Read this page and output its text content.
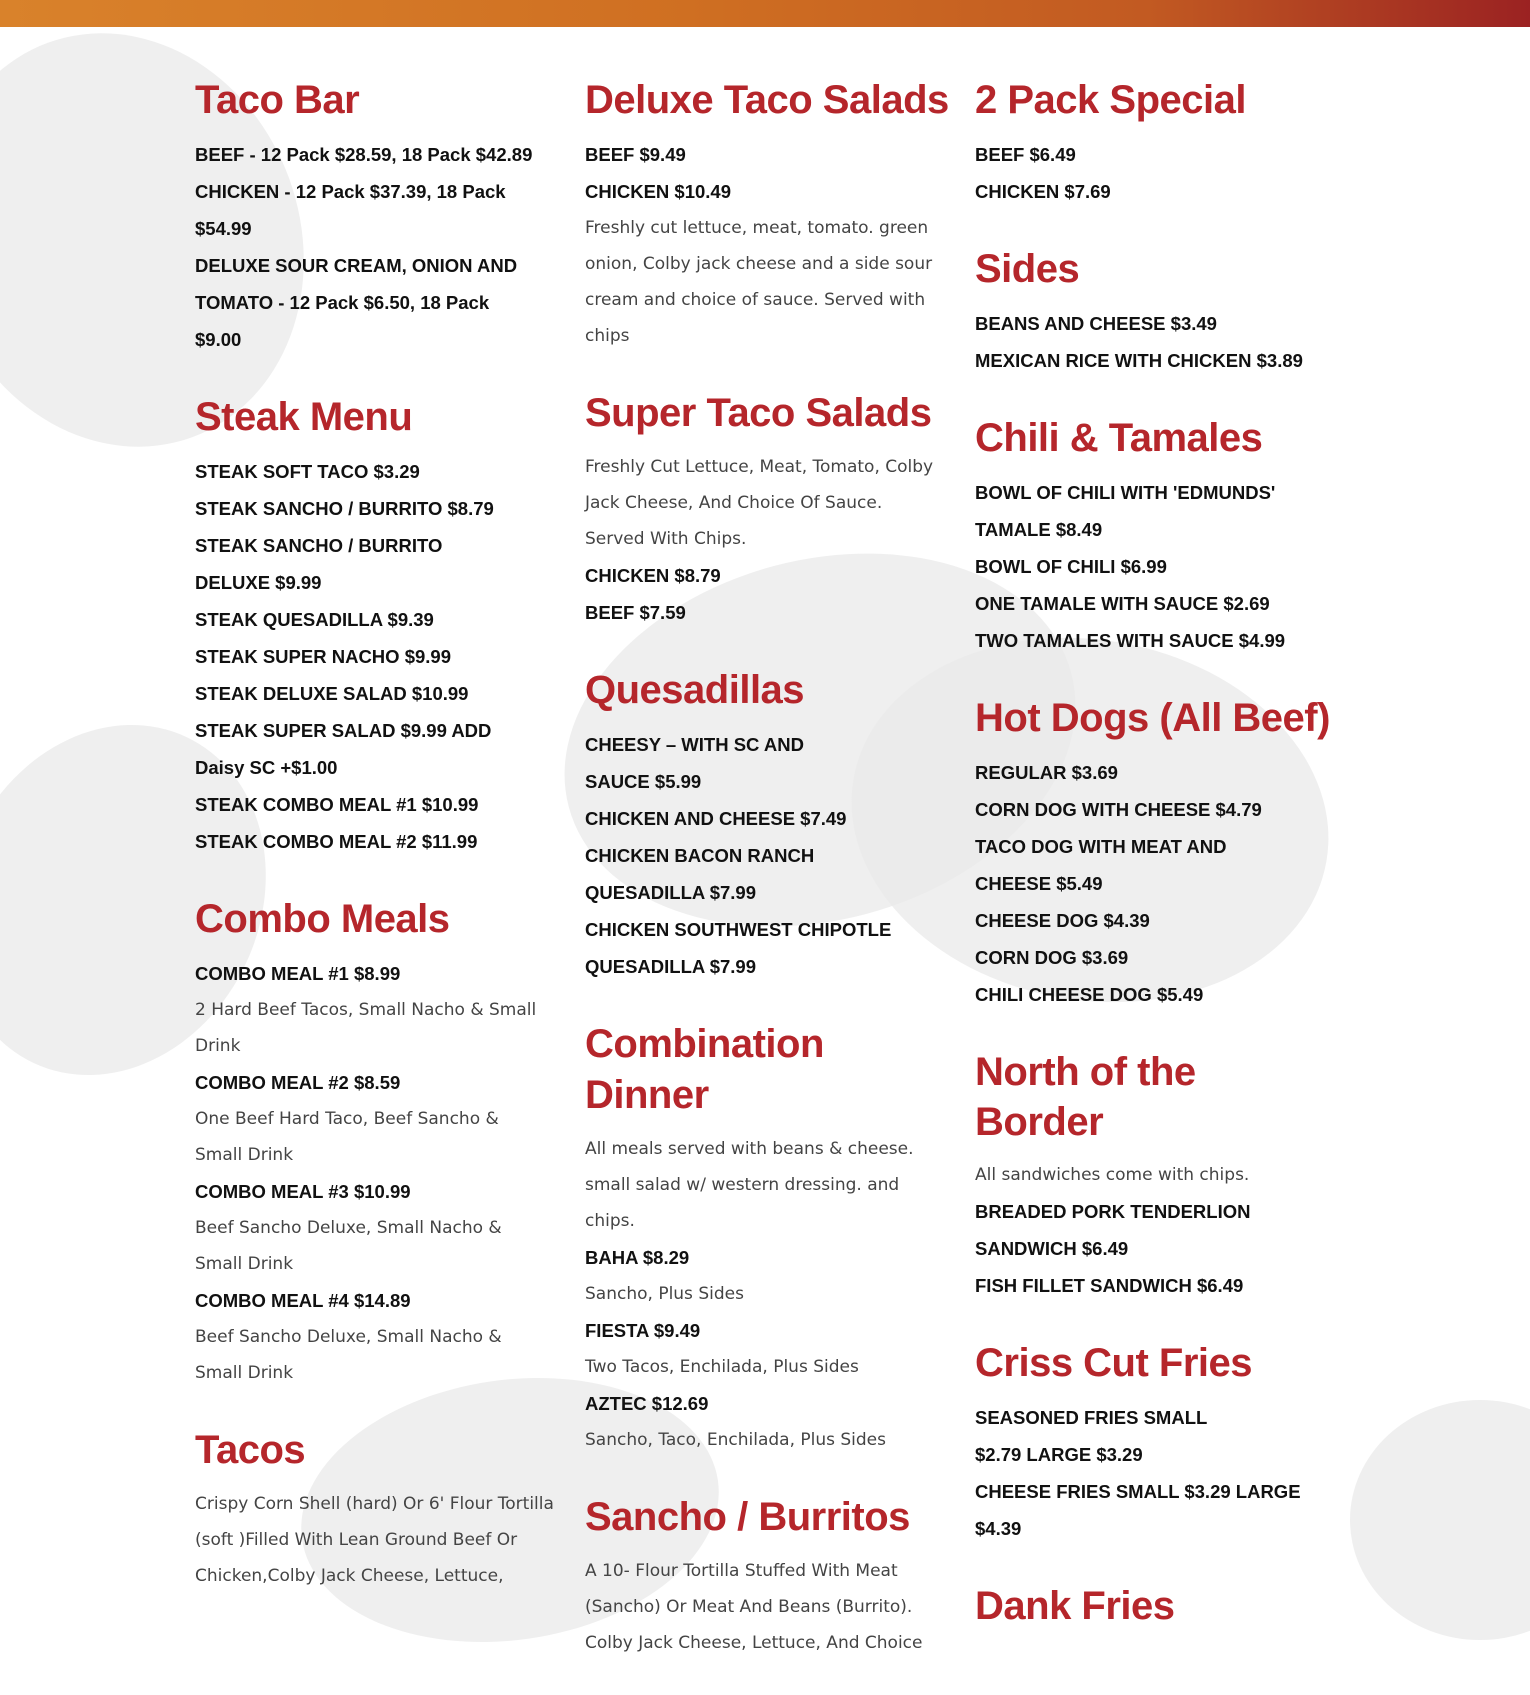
Taco Bar
BEEF - 12 Pack $28.59, 18 Pack $42.89
CHICKEN - 12 Pack $37.39, 18 Pack
$54.99
DELUXE SOUR CREAM, ONION AND
TOMATO - 12 Pack $6.50, 18 Pack
$9.00
Steak Menu
STEAK SOFT TACO $3.29
STEAK SANCHO / BURRITO $8.79
STEAK SANCHO / BURRITO
DELUXE $9.99
STEAK QUESADILLA $9.39
STEAK SUPER NACHO $9.99
STEAK DELUXE SALAD $10.99
STEAK SUPER SALAD $9.99 ADD
Daisy SC +$1.00
STEAK COMBO MEAL #1 $10.99
STEAK COMBO MEAL #2 $11.99
Combo Meals
COMBO MEAL #1 $8.99
2 Hard Beef Tacos, Small Nacho & Small
Drink
COMBO MEAL #2 $8.59
One Beef Hard Taco, Beef Sancho &
Small Drink
COMBO MEAL #3 $10.99
Beef Sancho Deluxe, Small Nacho &
Small Drink
COMBO MEAL #4 $14.89
Beef Sancho Deluxe, Small Nacho &
Small Drink
Tacos
Crispy Corn Shell (hard) Or 6' Flour Tortilla
(soft )Filled With Lean Ground Beef Or
Chicken,Colby Jack Cheese, Lettuce,
Deluxe Taco Salads
BEEF $9.49
CHICKEN $10.49
Freshly cut lettuce, meat, tomato. green
onion, Colby jack cheese and a side sour
cream and choice of sauce. Served with
chips
Super Taco Salads
Freshly Cut Lettuce, Meat, Tomato, Colby
Jack Cheese, And Choice Of Sauce.
Served With Chips.
CHICKEN $8.79
BEEF $7.59
Quesadillas
CHEESY – WITH SC AND
SAUCE $5.99
CHICKEN AND CHEESE $7.49
CHICKEN BACON RANCH
QUESADILLA $7.99
CHICKEN SOUTHWEST CHIPOTLE
QUESADILLA $7.99
Combination Dinner
All meals served with beans & cheese.
small salad w/ western dressing. and
chips.
BAHA $8.29
Sancho, Plus Sides
FIESTA $9.49
Two Tacos, Enchilada, Plus Sides
AZTEC $12.69
Sancho, Taco, Enchilada, Plus Sides
Sancho / Burritos
A 10- Flour Tortilla Stuffed With Meat
(Sancho) Or Meat And Beans (Burrito).
Colby Jack Cheese, Lettuce, And Choice
2 Pack Special
BEEF $6.49
CHICKEN $7.69
Sides
BEANS AND CHEESE $3.49
MEXICAN RICE WITH CHICKEN $3.89
Chili & Tamales
BOWL OF CHILI WITH 'EDMUNDS'
TAMALE $8.49
BOWL OF CHILI $6.99
ONE TAMALE WITH SAUCE $2.69
TWO TAMALES WITH SAUCE $4.99
Hot Dogs (All Beef)
REGULAR $3.69
CORN DOG WITH CHEESE $4.79
TACO DOG WITH MEAT AND
CHEESE $5.49
CHEESE DOG $4.39
CORN DOG $3.69
CHILI CHEESE DOG $5.49
North of the
Border
All sandwiches come with chips.
BREADED PORK TENDERLION
SANDWICH $6.49
FISH FILLET SANDWICH $6.49
Criss Cut Fries
SEASONED FRIES SMALL
$2.79 LARGE $3.29
CHEESE FRIES SMALL $3.29 LARGE
$4.39
Dank Fries
